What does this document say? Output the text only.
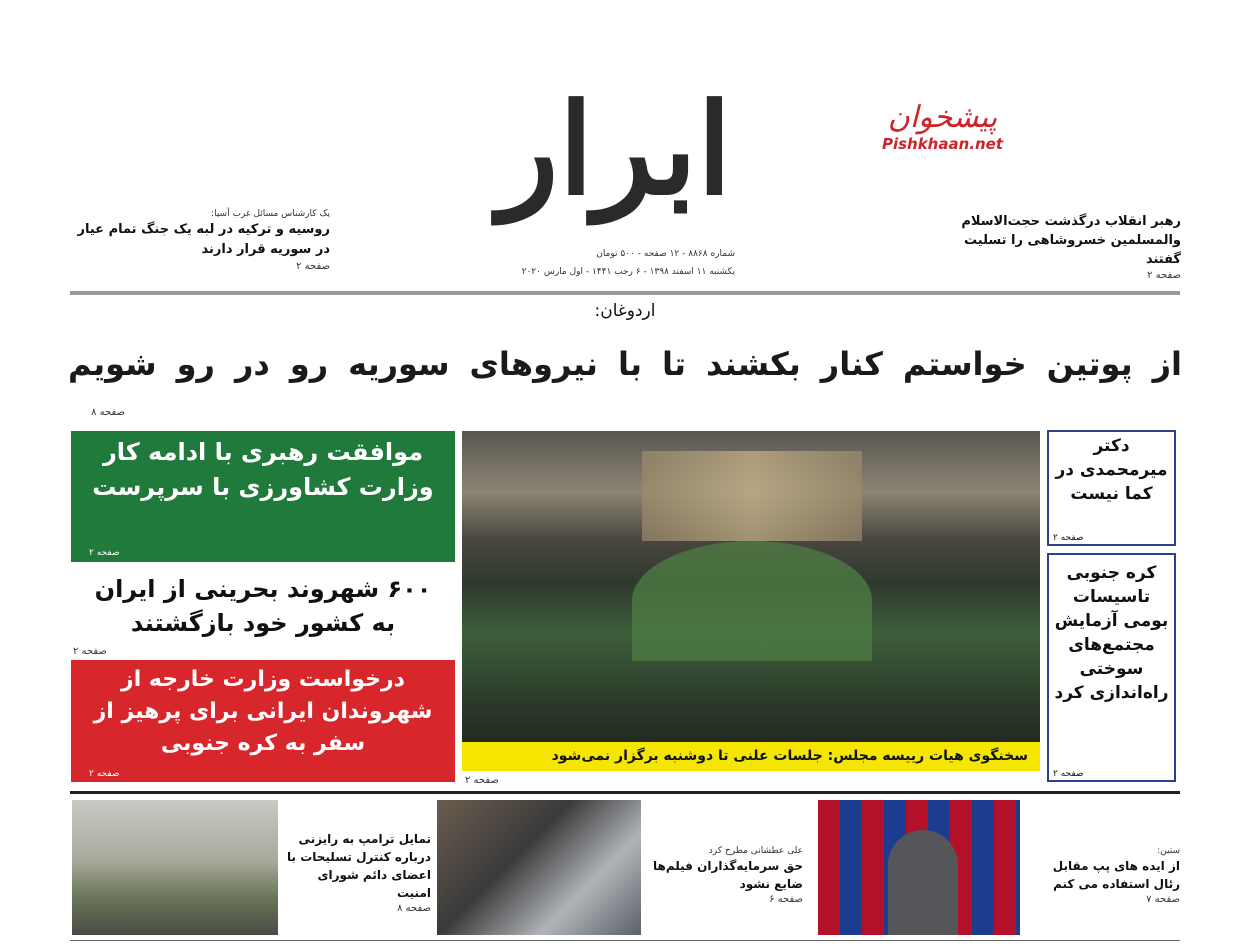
ابرار
شماره ۸۸۶۸ - ۱۲ صفحه - ۵۰۰ تومان
یکشنبه ۱۱ اسفند ۱۳۹۸ - ۶ رجب ۱۴۴۱ - اول مارس ۲۰۲۰
پیشخوان
Pishkhaan.net
یک کارشناس مسائل غرب آسیا:
روسیه و ترکیه در لبه یک جنگ تمام عیار در سوریه قرار دارند
صفحه ۲
رهبر انقلاب درگذشت حجت‌الاسلام والمسلمین خسروشاهی را تسلیت گفتند
صفحه ۲
اردوغان:
از پوتین خواستم کنار بکشند تا با نیروهای سوریه رو در رو شویم
صفحه ۸
موافقت رهبری با ادامه کار وزارت کشاورزی با سرپرست
صفحه ۲
۶۰۰ شهروند بحرینی از ایران به کشور خود بازگشتند
صفحه ۲
درخواست وزارت خارجه از شهروندان ایرانی برای پرهیز از سفر به کره جنوبی
صفحه ۲
سخنگوی هیات رییسه مجلس: جلسات علنی تا دوشنبه برگزار نمی‌شود
صفحه ۲
دکتر میرمحمدی در کما نیست
صفحه ۲
کره جنوبی تاسیسات بومی آزمایش مجتمع‌های سوختی راه‌اندازی کرد
صفحه ۲
تمایل ترامپ به رایزنی درباره کنترل تسلیحات با اعضای دائم شورای امنیت
صفحه ۸
علی عطشانی مطرح کرد
حق سرمایه‌گذاران فیلم‌ها ضایع نشود
صفحه ۶
ستین:
از ایده های پپ مقابل رئال استفاده می کنم
صفحه ۷
